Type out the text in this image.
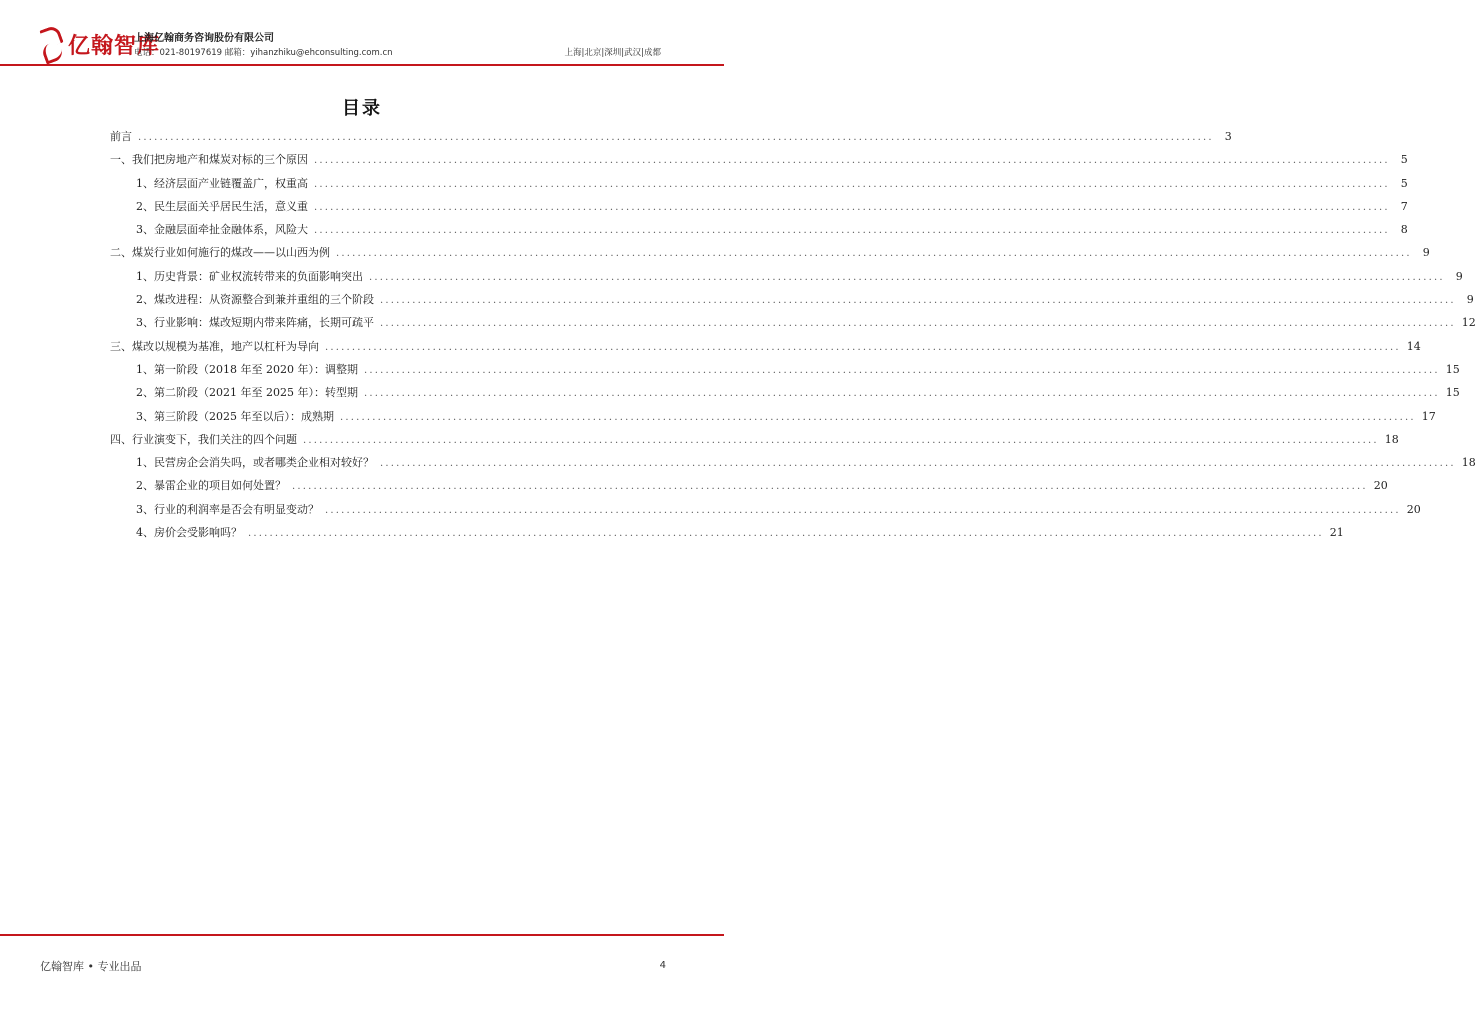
亿翰智库
上海亿翰商务咨询股份有限公司
电话：021-80197619 邮箱：yihanzhiku@ehconsulting.com.cn	上海|北京|深圳|武汉|成都
目录
前言 ........................................................................................................................................................................................................	3
一、我们把房地产和煤炭对标的三个原因 ........................................................................................................................................................................................................	5
1、经济层面产业链覆盖广，权重高 ........................................................................................................................................................................................................	5
2、民生层面关乎居民生活，意义重 ........................................................................................................................................................................................................	7
3、金融层面牵扯金融体系，风险大 ........................................................................................................................................................................................................	8
二、煤炭行业如何施行的煤改——以山西为例 ........................................................................................................................................................................................................	9
1、历史背景：矿业权流转带来的负面影响突出 ........................................................................................................................................................................................................	9
2、煤改进程：从资源整合到兼并重组的三个阶段 ........................................................................................................................................................................................................	9
3、行业影响：煤改短期内带来阵痛，长期可疏平 ........................................................................................................................................................................................................ 12
三、煤改以规模为基准，地产以杠杆为导向 ........................................................................................................................................................................................................ 14
1、第一阶段（2018 年至 2020 年）：调整期 ........................................................................................................................................................................................................ 15
2、第二阶段（2021 年至 2025 年）：转型期 ........................................................................................................................................................................................................ 15
3、第三阶段（2025 年至以后）：成熟期 ........................................................................................................................................................................................................ 17
四、行业演变下，我们关注的四个问题 ........................................................................................................................................................................................................ 18
1、民营房企会消失吗，或者哪类企业相对较好？ ........................................................................................................................................................................................................ 18
2、暴雷企业的项目如何处置？ ........................................................................................................................................................................................................ 20
3、行业的利润率是否会有明显变动？ ........................................................................................................................................................................................................ 20
4、房价会受影响吗？ ........................................................................................................................................................................................................ 21
亿翰智库 • 专业出品	4
